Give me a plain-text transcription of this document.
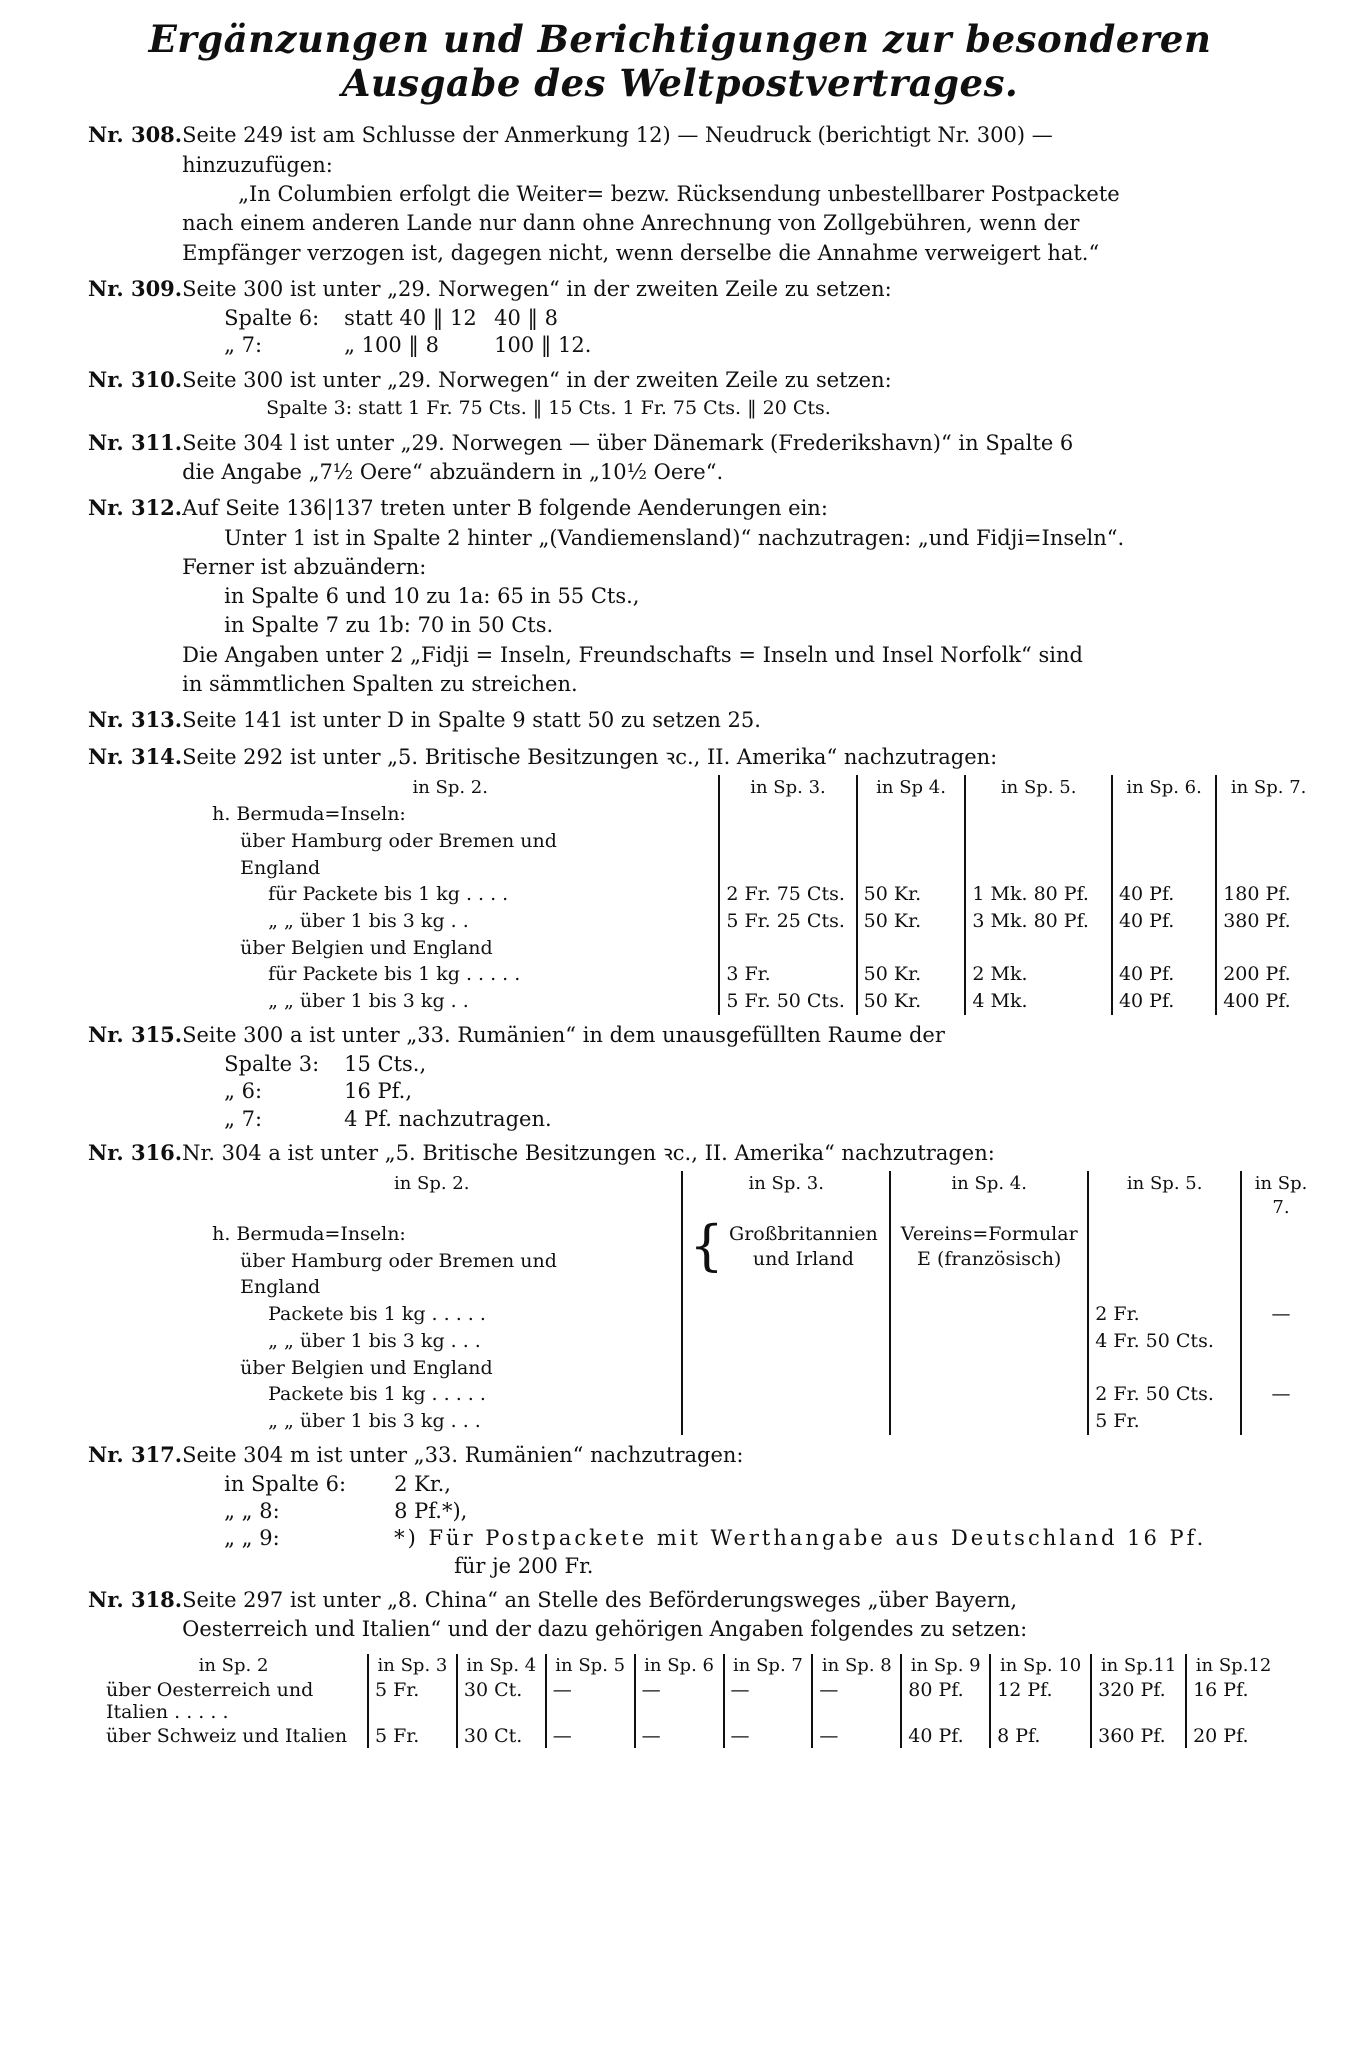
Ergänzungen und Berichtigungen zur besonderen
Ausgabe des Weltpostvertrages.
Nr. 308. Seite 249 ist am Schlusse der Anmerkung 12) — Neudruck (berichtigt Nr. 300) —

hinzuzufügen:

„In Columbien erfolgt die Weiter= bezw. Rücksendung unbestellbarer Postpackete

nach einem anderen Lande nur dann ohne Anrechnung von Zollgebühren, wenn der

Empfänger verzogen ist, dagegen nicht, wenn derselbe die Annahme verweigert hat.“

Nr. 309. Seite 300 ist unter „29. Norwegen“ in der zweiten Zeile zu setzen:

Spalte 6:	statt 40 ‖ 12 40 ‖ 8
„ 7:	„ 100 ‖ 8	100 ‖ 12.
Nr. 310. Seite 300 ist unter „29. Norwegen“ in der zweiten Zeile zu setzen:

Spalte 3: statt 1 Fr. 75 Cts. ‖ 15 Cts. 1 Fr. 75 Cts. ‖ 20 Cts.

Nr. 311. Seite 304 l ist unter „29. Norwegen — über Dänemark (Frederikshavn)“ in Spalte 6

die Angabe „7½ Oere“ abzuändern in „10½ Oere“.

Nr. 312. Auf Seite 136|137 treten unter B folgende Aenderungen ein:

Unter 1 ist in Spalte 2 hinter „(Vandiemensland)“ nachzutragen: „und Fidji=Inseln“.

Ferner ist abzuändern:

in Spalte 6 und 10 zu 1a: 65 in 55 Cts.,

in Spalte 7 zu 1b: 70 in 50 Cts.

Die Angaben unter 2 „Fidji = Inseln, Freundschafts = Inseln und Insel Norfolk“ sind

in sämmtlichen Spalten zu streichen.

Nr. 313. Seite 141 ist unter D in Spalte 9 statt 50 zu setzen 25.

Nr. 314. Seite 292 ist unter „5. Britische Besitzungen ꝛc., II. Amerika“ nachzutragen:

in Sp. 2.	in Sp. 3.	in Sp 4.	in Sp. 5.	in Sp. 6.	in Sp. 7.
h. Bermuda=Inseln:					
über Hamburg oder Bremen und					
England					
für Packete bis 1 kg . . . .	2 Fr. 75 Cts.	50 Kr.	1 Mk. 80 Pf.	40 Pf.	180 Pf.
„ „ über 1 bis 3 kg . .	5 Fr. 25 Cts.	50 Kr.	3 Mk. 80 Pf.	40 Pf.	380 Pf.
über Belgien und England					
für Packete bis 1 kg . . . . .	3 Fr.	50 Kr.	2 Mk.	40 Pf.	200 Pf.
„ „ über 1 bis 3 kg . .	5 Fr. 50 Cts.	50 Kr.	4 Mk.	40 Pf.	400 Pf.
Nr. 315. Seite 300 a ist unter „33. Rumänien“ in dem unausgefüllten Raume der

Spalte 3:	15 Cts.,
„ 6:	16 Pf.,
„ 7:	4 Pf. nachzutragen.
Nr. 316. Nr. 304 a ist unter „5. Britische Besitzungen ꝛc., II. Amerika“ nachzutragen:

in Sp. 2.	in Sp. 3.	in Sp. 4.	in Sp. 5.	in Sp. 7.
h. Bermuda=Inseln:	{ Großbritannien und Irland	Vereins=Formular E (französisch)		
über Hamburg oder Bremen und				
England				
Packete bis 1 kg . . . . .			2 Fr.	—
„ „ über 1 bis 3 kg . . .			4 Fr. 50 Cts.	
über Belgien und England				
Packete bis 1 kg . . . . .			2 Fr. 50 Cts.	—
„ „ über 1 bis 3 kg . . .			5 Fr.	
Nr. 317. Seite 304 m ist unter „33. Rumänien“ nachzutragen:

in Spalte 6:	2 Kr.,
„ „ 8:	8 Pf.*),
„ „ 9:	*) Für Postpackete mit Werthangabe aus Deutschland 16 Pf.
für je 200 Fr.
Nr. 318. Seite 297 ist unter „8. China“ an Stelle des Beförderungsweges „über Bayern,

Oesterreich und Italien“ und der dazu gehörigen Angaben folgendes zu setzen:

in Sp. 2	in Sp. 3	in Sp. 4	in Sp. 5	in Sp. 6	in Sp. 7	in Sp. 8	in Sp. 9	in Sp. 10	in Sp.11	in Sp.12
über Oesterreich und Italien . . . . .	5 Fr.	30 Ct.	—	—	—	—	80 Pf.	12 Pf.	320 Pf.	16 Pf.
über Schweiz und Italien	5 Fr.	30 Ct.	—	—	—	—	40 Pf.	8 Pf.	360 Pf.	20 Pf.
